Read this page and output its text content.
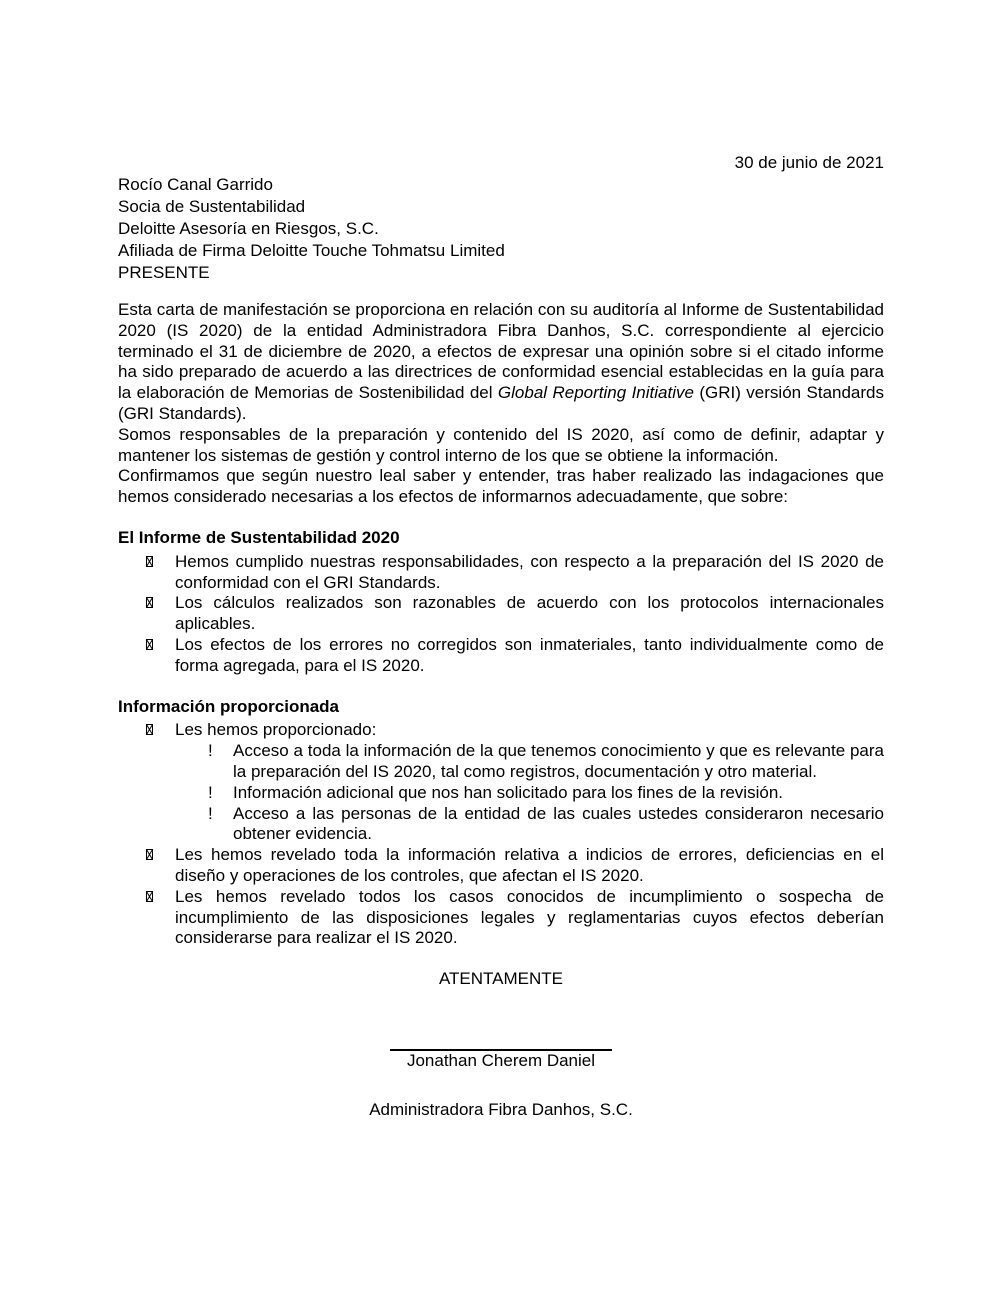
30 de junio de 2021
Rocío Canal Garrido
Socia de Sustentabilidad
Deloitte Asesoría en Riesgos, S.C.
Afiliada de Firma Deloitte Touche Tohmatsu Limited
PRESENTE
Esta carta de manifestación se proporciona en relación con su auditoría al Informe de Sustentabilidad 2020 (IS 2020) de la entidad Administradora Fibra Danhos, S.C. correspondiente al ejercicio terminado el 31 de diciembre de 2020, a efectos de expresar una opinión sobre si el citado informe ha sido preparado de acuerdo a las directrices de conformidad esencial establecidas en la guía para la elaboración de Memorias de Sostenibilidad del Global Reporting Initiative (GRI) versión Standards (GRI Standards).
Somos responsables de la preparación y contenido del IS 2020, así como de definir, adaptar y mantener los sistemas de gestión y control interno de los que se obtiene la información.
Confirmamos que según nuestro leal saber y entender, tras haber realizado las indagaciones que hemos considerado necesarias a los efectos de informarnos adecuadamente, que sobre:
El Informe de Sustentabilidad 2020
Hemos cumplido nuestras responsabilidades, con respecto a la preparación del IS 2020 de conformidad con el GRI Standards.
Los cálculos realizados son razonables de acuerdo con los protocolos internacionales aplicables.
Los efectos de los errores no corregidos son inmateriales, tanto individualmente como de forma agregada, para el IS 2020.
Información proporcionada
Les hemos proporcionado:
! Acceso a toda la información de la que tenemos conocimiento y que es relevante para la preparación del IS 2020, tal como registros, documentación y otro material.
! Información adicional que nos han solicitado para los fines de la revisión.
! Acceso a las personas de la entidad de las cuales ustedes consideraron necesario obtener evidencia.
Les hemos revelado toda la información relativa a indicios de errores, deficiencias en el diseño y operaciones de los controles, que afectan el IS 2020.
Les hemos revelado todos los casos conocidos de incumplimiento o sospecha de incumplimiento de las disposiciones legales y reglamentarias cuyos efectos deberían considerarse para realizar el IS 2020.
ATENTAMENTE
Jonathan Cherem Daniel
Administradora Fibra Danhos, S.C.
